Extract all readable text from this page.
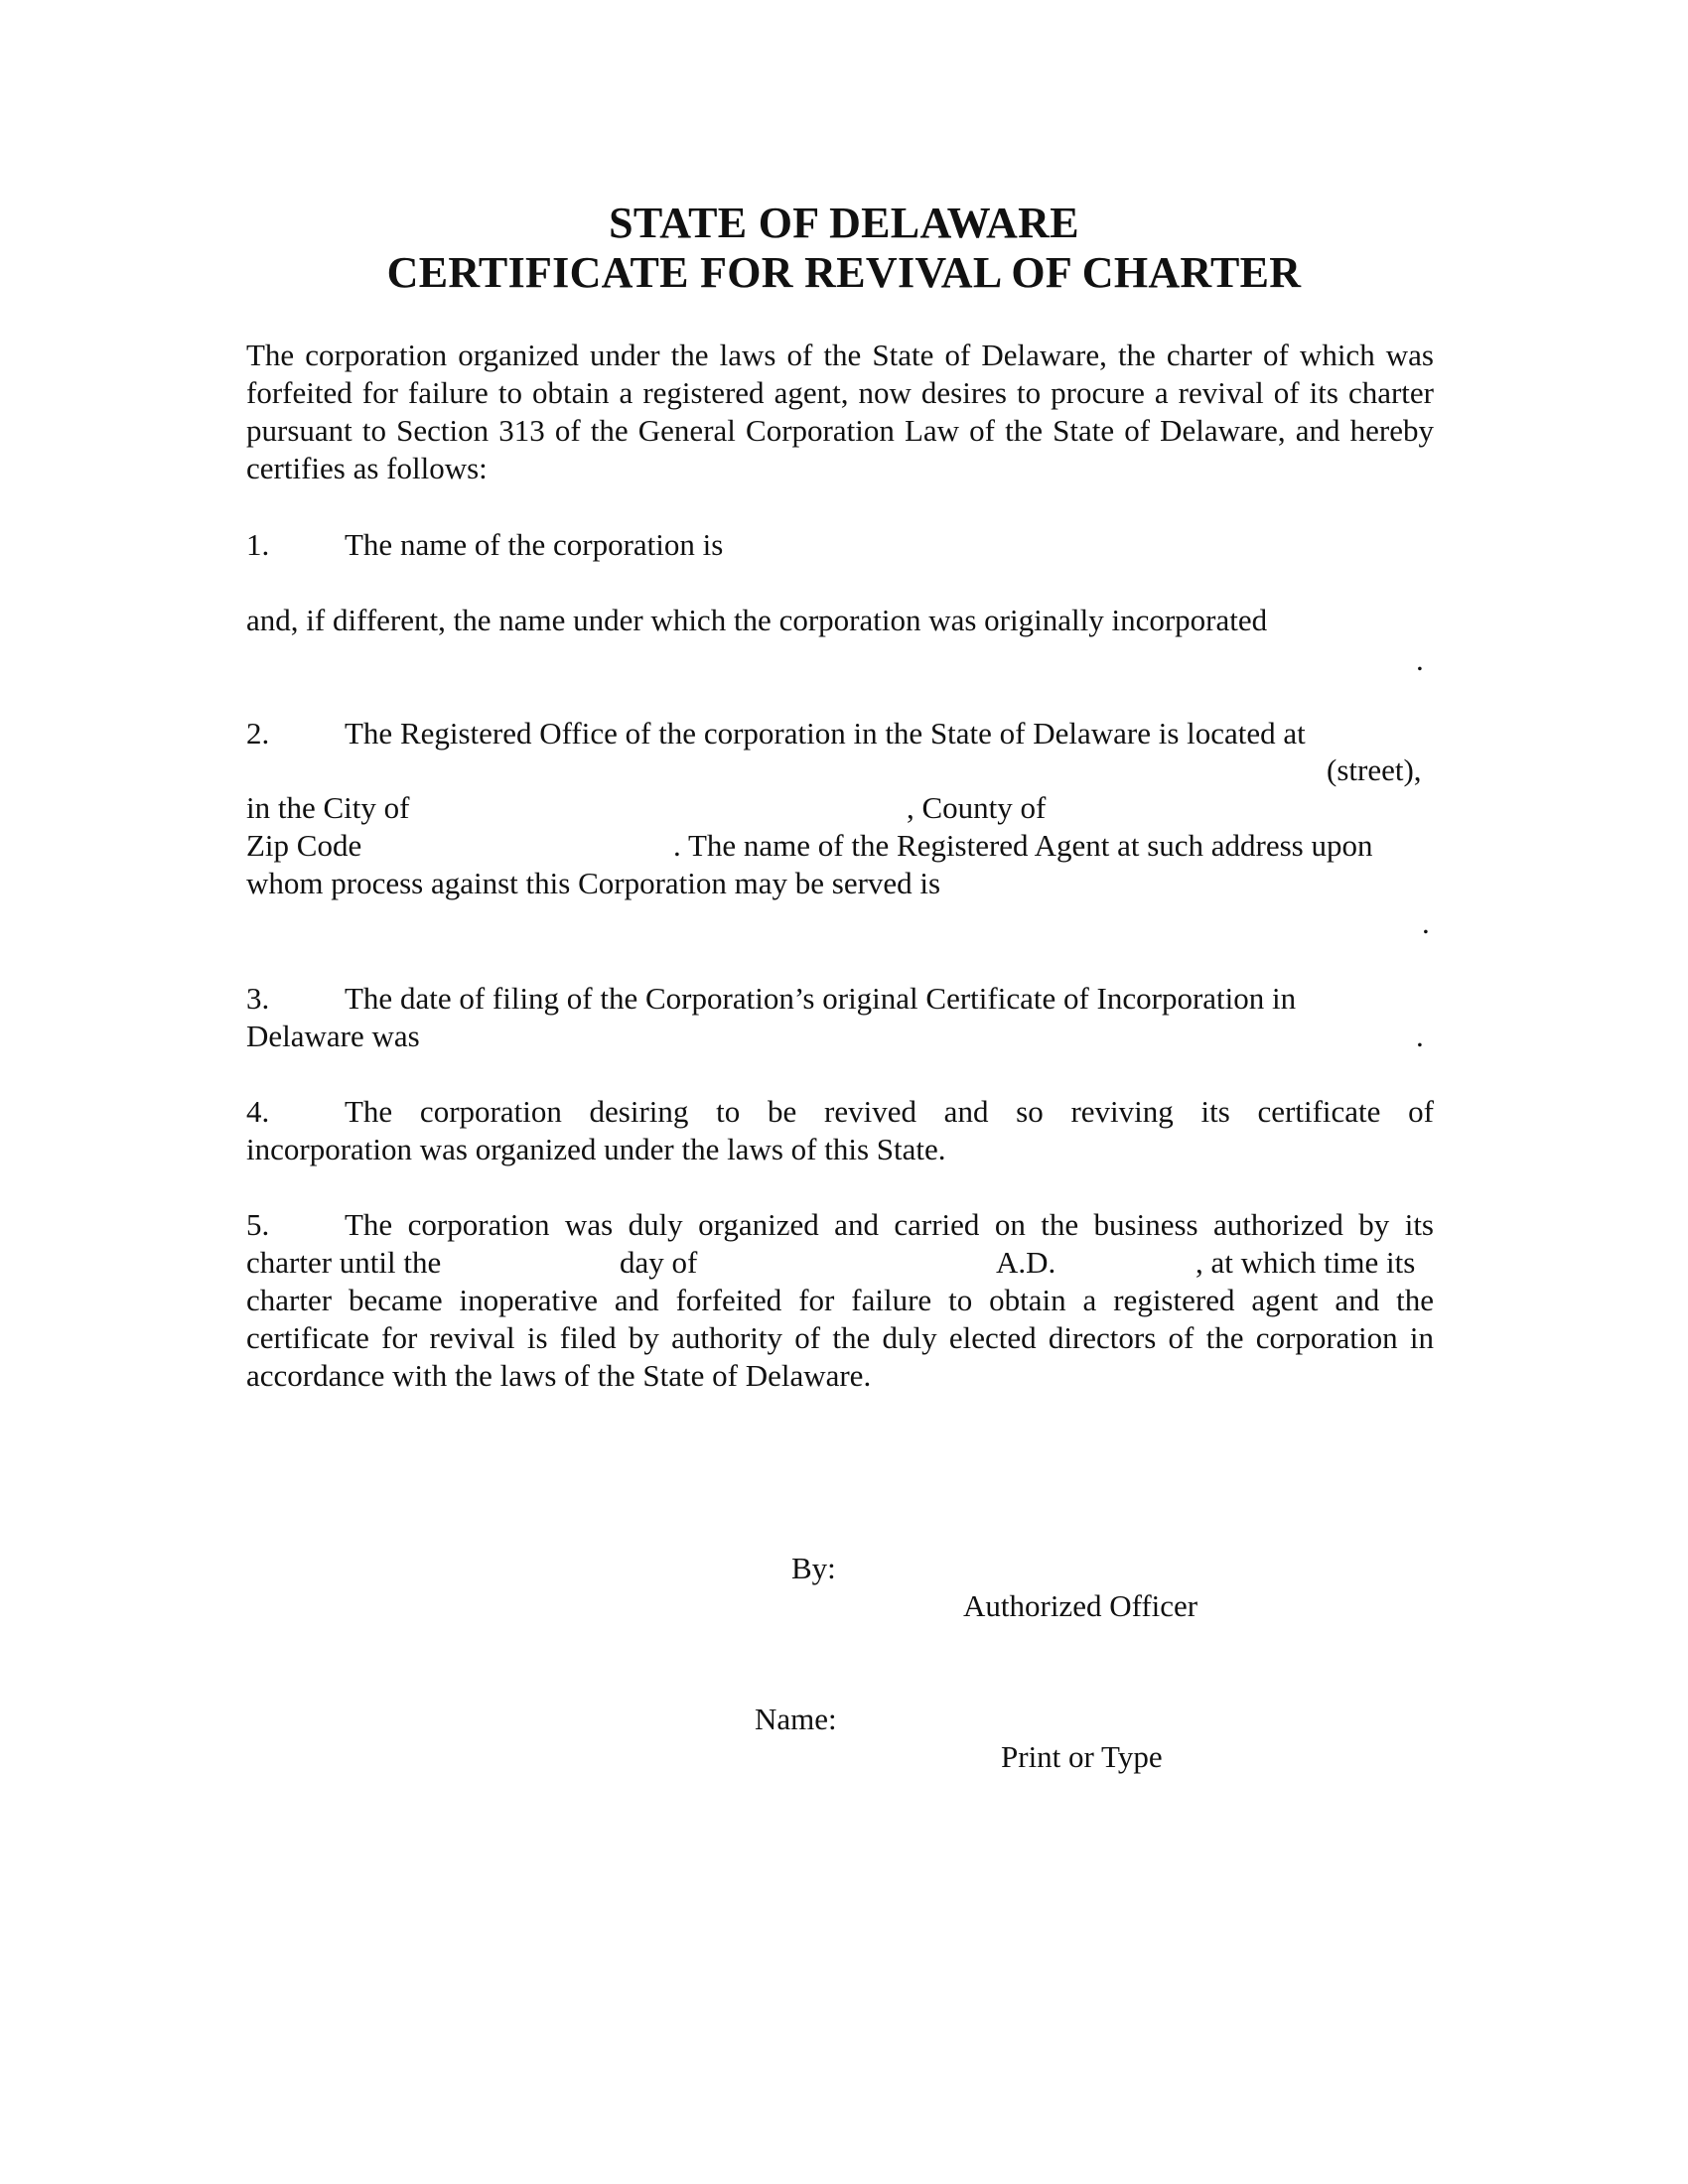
STATE OF DELAWARE
CERTIFICATE FOR REVIVAL OF CHARTER
The corporation organized under the laws of the State of Delaware, the charter of which was forfeited for failure to obtain a registered agent, now desires to procure a revival of its charter pursuant to Section 313 of the General Corporation Law of the State of Delaware, and hereby certifies as follows:
1. The name of the corporation is
and, if different, the name under which the corporation was originally incorporated
.
2. The Registered Office of the corporation in the State of Delaware is located at
(street),
in the City of	, County of
Zip Code	. The name of the Registered Agent at such address upon
whom process against this Corporation may be served is
.
3. The date of filing of the Corporation’s original Certificate of Incorporation in
Delaware was	.
4. The corporation desiring to be revived and so reviving its certificate of
incorporation was organized under the laws of this State.
5. The corporation was duly organized and carried on the business authorized by its
charter until the	day of	A.D.	, at which time its
charter became inoperative and forfeited for failure to obtain a registered agent and the certificate for revival is filed by authority of the duly elected directors of the corporation in accordance with the laws of the State of Delaware.
By:
Authorized Officer
Name:
Print or Type
